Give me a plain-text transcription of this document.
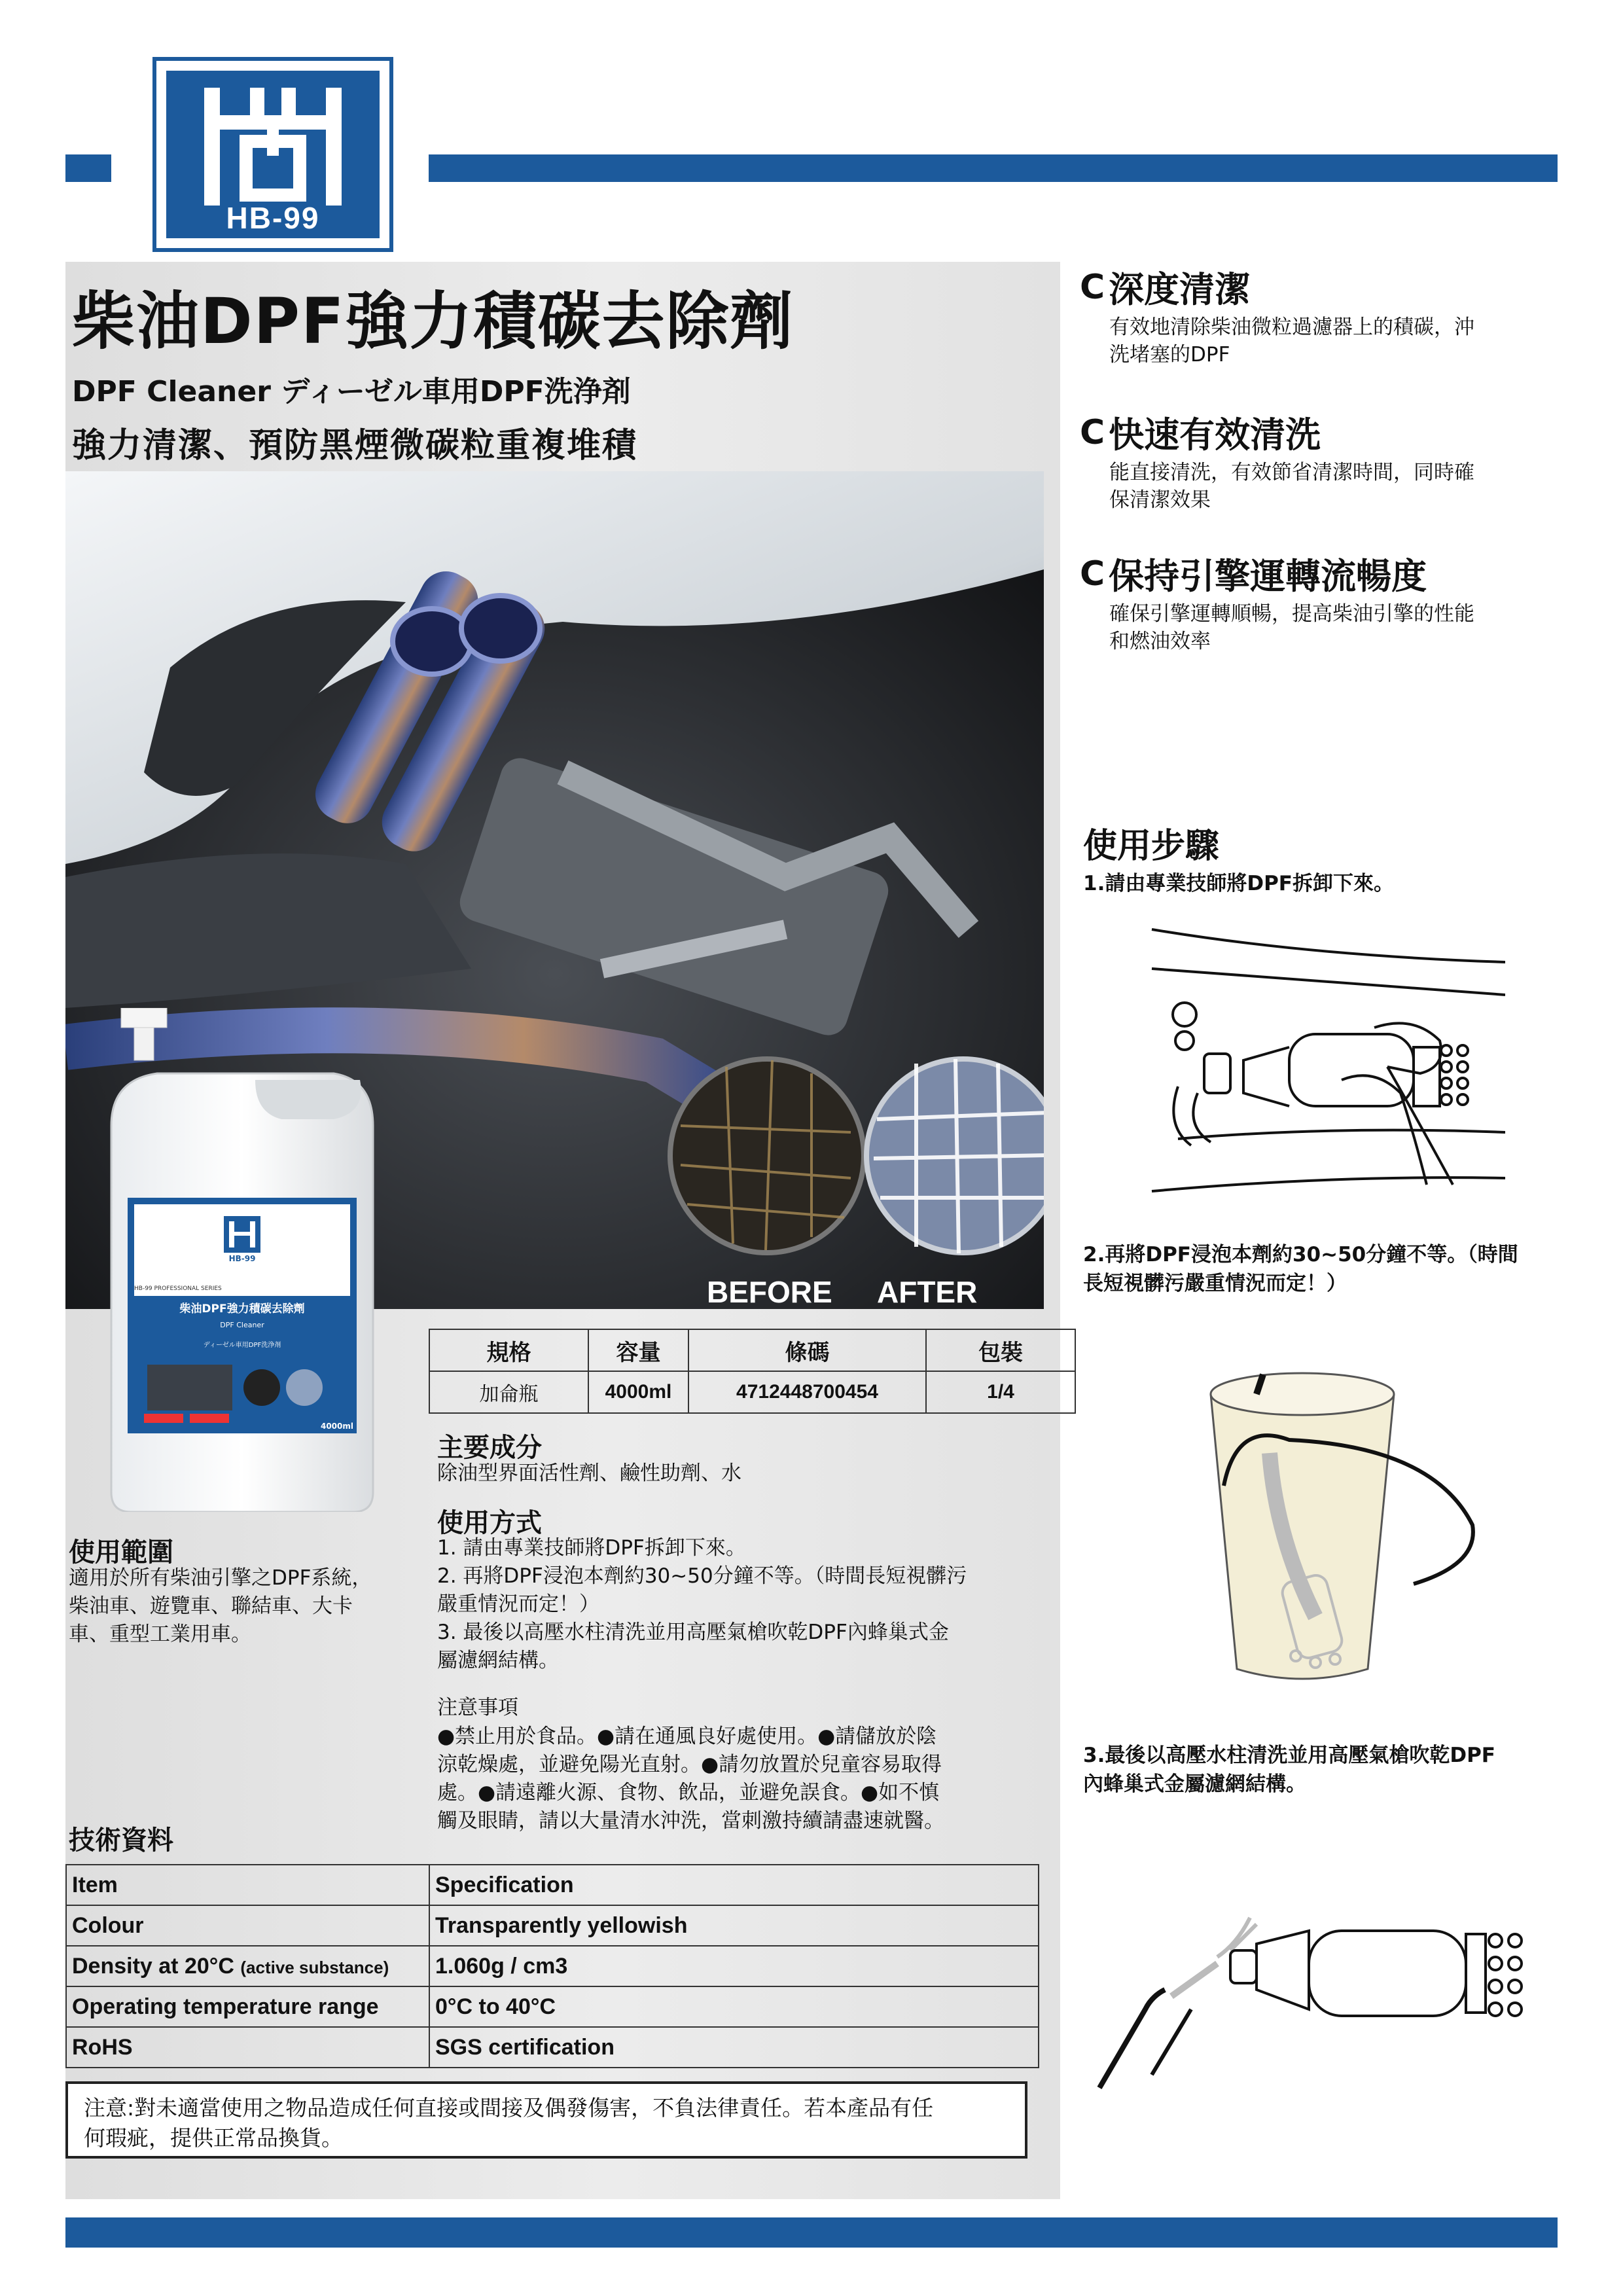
HB-99
柴油DPF強力積碳去除劑
DPF Cleaner ディーゼル車用DPF洗浄剤
強力清潔、預防黑煙微碳粒重複堆積
BEFORE AFTER
HB-99
HB-99 PROFESSIONAL SERIES
柴油DPF強力積碳去除劑
DPF Cleaner
ディーゼル車用DPF洗浄剤
4000ml
規格	容量	條碼	包裝
加侖瓶	4000ml	4712448700454	1/4
主要成分
除油型界面活性劑、鹼性助劑、水
使用方式
1. 請由專業技師將DPF拆卸下來。
2. 再將DPF浸泡本劑約30~50分鐘不等。（時間長短視髒污
嚴重情況而定！）
3. 最後以高壓水柱清洗並用高壓氣槍吹乾DPF內蜂巢式金
屬濾網結構。
注意事項
●禁止用於食品。●請在通風良好處使用。●請儲放於陰
涼乾燥處，並避免陽光直射。●請勿放置於兒童容易取得
處。●請遠離火源、食物、飲品，並避免誤食。●如不慎
觸及眼睛，請以大量清水沖洗，當刺激持續請盡速就醫。
使用範圍
適用於所有柴油引擎之DPF系統，
柴油車、遊覽車、聯結車、大卡
車、重型工業用車。
技術資料
Item	Specification
Colour	Transparently yellowish
Density at 20°C (active substance)	1.060g / cm3
Operating temperature range	0°C to 40°C
RoHS	SGS certification
注意:對未適當使用之物品造成任何直接或間接及偶發傷害，不負法律責任。若本產品有任
何瑕疵，提供正常品換貨。
C 深度清潔
有效地清除柴油微粒過濾器上的積碳，沖
洗堵塞的DPF
C 快速有效清洗
能直接清洗，有效節省清潔時間，同時確
保清潔效果
C 保持引擎運轉流暢度
確保引擎運轉順暢，提高柴油引擎的性能
和燃油效率
使用步驟
1.請由專業技師將DPF拆卸下來。
2.再將DPF浸泡本劑約30~50分鐘不等。（時間
長短視髒污嚴重情況而定！）
3.最後以高壓水柱清洗並用高壓氣槍吹乾DPF
內蜂巢式金屬濾網結構。
